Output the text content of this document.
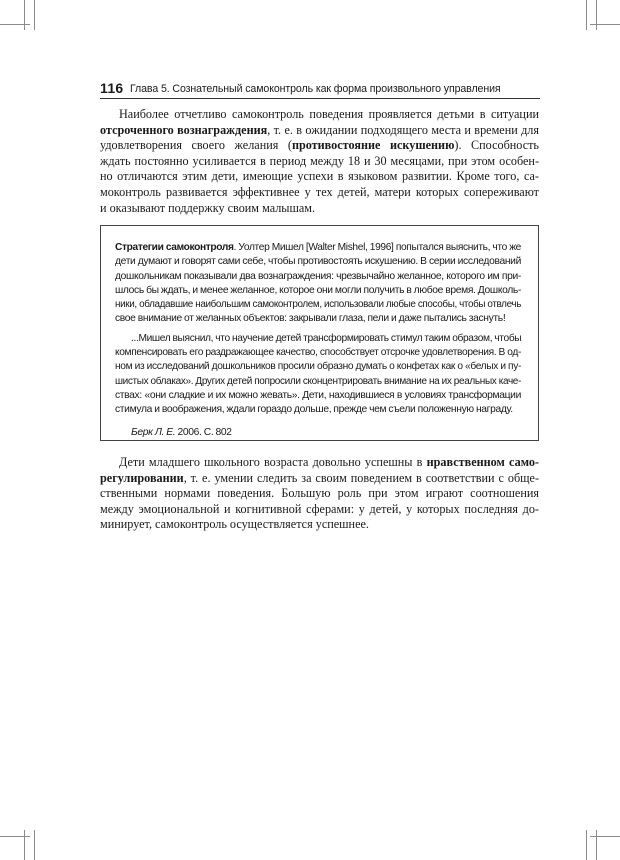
116 Глава 5. Сознательный самоконтроль как форма произвольного управления
Наиболее отчетливо самоконтроль поведения проявляется детьми в ситуации
отсроченного вознаграждения, т. е. в ожидании подходящего места и времени для
удовлетворения своего желания (противостояние искушению). Способность
ждать постоянно усиливается в период между 18 и 30 месяцами, при этом особен-
но отличаются этим дети, имеющие успехи в языковом развитии. Кроме того, са-
моконтроль развивается эффективнее у тех детей, матери которых сопереживают
и оказывают поддержку своим малышам.
Стратегии самоконтроля. Уолтер Мишел [Walter Mishel, 1996] попытался выяснить, что же
дети думают и говорят сами себе, чтобы противостоять искушению. В серии исследований
дошкольникам показывали два вознаграждения: чрезвычайно желанное, которого им при-
шлось бы ждать, и менее желанное, которое они могли получить в любое время. Дошколь-
ники, обладавшие наибольшим самоконтролем, использовали любые способы, чтобы отвлечь
свое внимание от желанных объектов: закрывали глаза, пели и даже пытались заснуть!
...Мишел выяснил, что научение детей трансформировать стимул таким образом, чтобы
компенсировать его раздражающее качество, способствует отсрочке удовлетворения. В од-
ном из исследований дошкольников просили образно думать о конфетах как о «белых и пу-
шистых облаках». Других детей попросили сконцентрировать внимание на их реальных каче-
ствах: «они сладкие и их можно жевать». Дети, находившиеся в условиях трансформации
стимула и воображения, ждали гораздо дольше, прежде чем съели положенную награду.
Берк Л. Е. 2006. С. 802
Дети младшего школьного возраста довольно успешны в нравственном само-
регулировании, т. е. умении следить за своим поведением в соответствии с обще-
ственными нормами поведения. Большую роль при этом играют соотношения
между эмоциональной и когнитивной сферами: у детей, у которых последняя до-
минирует, самоконтроль осуществляется успешнее.
